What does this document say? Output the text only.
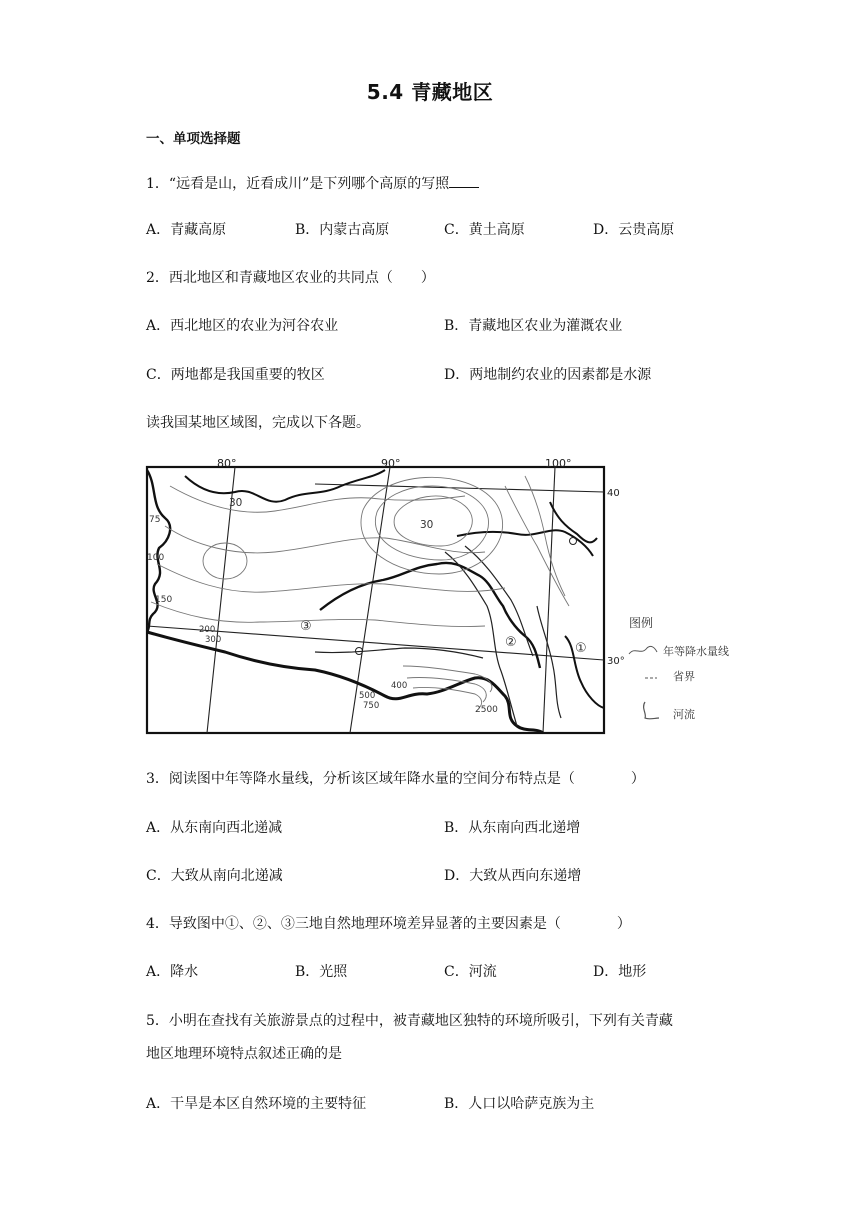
5.4 青藏地区
一、单项选择题
1．“远看是山，近看成川”是下列哪个高原的写照
A．青藏高原	B．内蒙古高原	C．黄土高原	D．云贵高原
2．西北地区和青藏地区农业的共同点（　　）
A．西北地区的农业为河谷农业	B．青藏地区农业为灌溉农业
C．两地都是我国重要的牧区	D．两地制约农业的因素都是水源
读我国某地区域图，完成以下各题。
30
30
75
100
150
200
300
400
500
750	2500
80°	90°	100°
40
30°
①
②
③	图例
年等降水量线
省界
河流
3．阅读图中年等降水量线，分析该区域年降水量的空间分布特点是（　　　　）
A．从东南向西北递减	B．从东南向西北递增
C．大致从南向北递减	D．大致从西向东递增
4．导致图中①、②、③三地自然地理环境差异显著的主要因素是（　　　　）
A．降水	B．光照	C．河流	D．地形
5．小明在查找有关旅游景点的过程中，被青藏地区独特的环境所吸引，下列有关青藏
地区地理环境特点叙述正确的是
A．干旱是本区自然环境的主要特征	B．人口以哈萨克族为主
